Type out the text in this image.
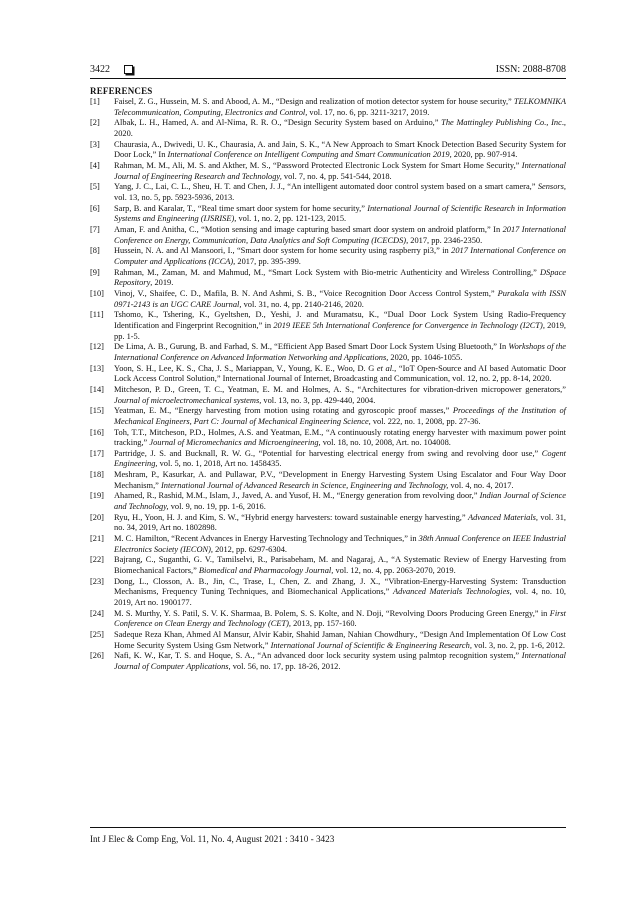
3422	ISSN: 2088-8708
REFERENCES
[1]	Faisel, Z. G., Hussein, M. S. and Abood, A. M., “Design and realization of motion detector system for house security,” TELKOMNIKA Telecommunication, Computing, Electronics and Control, vol. 17, no. 6, pp. 3211-3217, 2019.
[2]	Albak, L. H., Hamed, A. and Al-Nima, R. R. O., “Design Security System based on Arduino,” The Mattingley Publishing Co., Inc., 2020.
[3]	Chaurasia, A., Dwivedi, U. K., Chaurasia, A. and Jain, S. K., “A New Approach to Smart Knock Detection Based Security System for Door Lock,” In International Conference on Intelligent Computing and Smart Communication 2019, 2020, pp. 907-914.
[4]	Rahman, M. M., Ali, M. S. and Akther, M. S., “Password Protected Electronic Lock System for Smart Home Security,” International Journal of Engineering Research and Technology, vol. 7, no. 4, pp. 541-544, 2018.
[5]	Yang, J. C., Lai, C. L., Sheu, H. T. and Chen, J. J., “An intelligent automated door control system based on a smart camera,” Sensors, vol. 13, no. 5, pp. 5923-5936, 2013.
[6]	Sarp, B. and Karalar, T., “Real time smart door system for home security,” International Journal of Scientific Research in Information Systems and Engineering (IJSRISE), vol. 1, no. 2, pp. 121-123, 2015.
[7]	Aman, F. and Anitha, C., “Motion sensing and image capturing based smart door system on android platform,” In 2017 International Conference on Energy, Communication, Data Analytics and Soft Computing (ICECDS), 2017, pp. 2346-2350.
[8]	Hussein, N. A. and Al Mansoori, I., “Smart door system for home security using raspberry pi3,” in 2017 International Conference on Computer and Applications (ICCA), 2017, pp. 395-399.
[9]	Rahman, M., Zaman, M. and Mahmud, M., “Smart Lock System with Bio-metric Authenticity and Wireless Controlling,” DSpace Repository, 2019.
[10]	Vinoj, V., Shaifee, C. D., Mafila, B. N. And Ashmi, S. B., “Voice Recognition Door Access Control System,” Purakala with ISSN 0971-2143 is an UGC CARE Journal, vol. 31, no. 4, pp. 2140-2146, 2020.
[11]	Tshomo, K., Tshering, K., Gyeltshen, D., Yeshi, J. and Muramatsu, K., “Dual Door Lock System Using Radio-Frequency Identification and Fingerprint Recognition,” in 2019 IEEE 5th International Conference for Convergence in Technology (I2CT), 2019, pp. 1-5.
[12]	De Lima, A. B., Gurung, B. and Farhad, S. M., “Efficient App Based Smart Door Lock System Using Bluetooth,” In Workshops of the International Conference on Advanced Information Networking and Applications, 2020, pp. 1046-1055.
[13]	Yoon, S. H., Lee, K. S., Cha, J. S., Mariappan, V., Young, K. E., Woo, D. G et al., “IoT Open-Source and AI based Automatic Door Lock Access Control Solution,” International Journal of Internet, Broadcasting and Communication, vol. 12, no. 2, pp. 8-14, 2020.
[14]	Mitcheson, P. D., Green, T. C., Yeatman, E. M. and Holmes, A. S., “Architectures for vibration-driven micropower generators,” Journal of microelectromechanical systems, vol. 13, no. 3, pp. 429-440, 2004.
[15]	Yeatman, E. M., “Energy harvesting from motion using rotating and gyroscopic proof masses,” Proceedings of the Institution of Mechanical Engineers, Part C: Journal of Mechanical Engineering Science, vol. 222, no. 1, 2008, pp. 27-36.
[16]	Toh, T.T., Mitcheson, P.D., Holmes, A.S. and Yeatman, E.M., “A continuously rotating energy harvester with maximum power point tracking,” Journal of Micromechanics and Microengineering, vol. 18, no. 10, 2008, Art. no. 104008.
[17]	Partridge, J. S. and Bucknall, R. W. G., “Potential for harvesting electrical energy from swing and revolving door use,” Cogent Engineering, vol. 5, no. 1, 2018, Art no. 1458435.
[18]	Meshram, P., Kasurkar, A. and Pullawar, P.V., “Development in Energy Harvesting System Using Escalator and Four Way Door Mechanism,” International Journal of Advanced Research in Science, Engineering and Technology, vol. 4, no. 4, 2017.
[19]	Ahamed, R., Rashid, M.M., Islam, J., Javed, A. and Yusof, H. M., “Energy generation from revolving door,” Indian Journal of Science and Technology, vol. 9, no. 19, pp. 1-6, 2016.
[20]	Ryu, H., Yoon, H. J. and Kim, S. W., “Hybrid energy harvesters: toward sustainable energy harvesting,” Advanced Materials, vol. 31, no. 34, 2019, Art no. 1802898.
[21]	M. C. Hamilton, “Recent Advances in Energy Harvesting Technology and Techniques,” in 38th Annual Conference on IEEE Industrial Electronics Society (IECON), 2012, pp. 6297-6304.
[22]	Bajrang, C., Suganthi, G. V., Tamilselvi, R., Parisabeham, M. and Nagaraj, A., “A Systematic Review of Energy Harvesting from Biomechanical Factors,” Biomedical and Pharmacology Journal, vol. 12, no. 4, pp. 2063-2070, 2019.
[23]	Dong, L., Closson, A. B., Jin, C., Trase, I., Chen, Z. and Zhang, J. X., “Vibration-Energy-Harvesting System: Transduction Mechanisms, Frequency Tuning Techniques, and Biomechanical Applications,” Advanced Materials Technologies, vol. 4, no. 10, 2019, Art no. 1900177.
[24]	M. S. Murthy, Y. S. Patil, S. V. K. Sharmaa, B. Polem, S. S. Kolte, and N. Doji, “Revolving Doors Producing Green Energy,” in First Conference on Clean Energy and Technology (CET), 2013, pp. 157-160.
[25]	Sadeque Reza Khan, Ahmed Al Mansur, Alvir Kabir, Shahid Jaman, Nahian Chowdhury., “Design And Implementation Of Low Cost Home Security System Using Gsm Network,” International Journal of Scientific & Engineering Research, vol. 3, no. 2, pp. 1-6, 2012.
[26]	Nafi, K. W., Kar, T. S. and Hoque, S. A., “An advanced door lock security system using palmtop recognition system,” International Journal of Computer Applications, vol. 56, no. 17, pp. 18-26, 2012.
Int J Elec & Comp Eng, Vol. 11, No. 4, August 2021 : 3410 - 3423
